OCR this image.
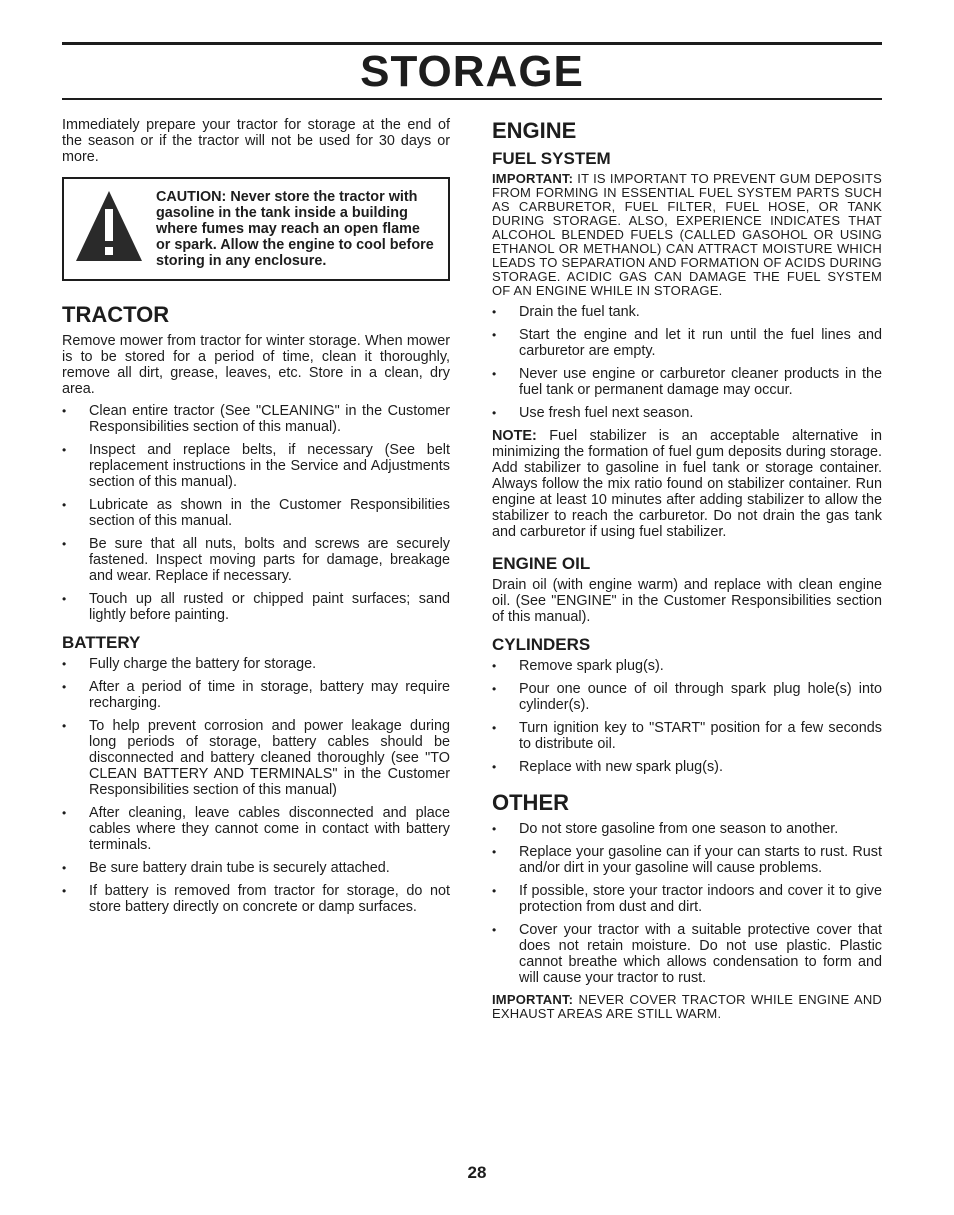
STORAGE

Immediately prepare your tractor for storage at the end of the season or if the tractor will not be used for 30 days or more.

CAUTION: Never store the tractor with gasoline in the tank inside a building where fumes may reach an open flame or spark. Allow the engine to cool before storing in any enclosure.
TRACTOR

Remove mower from tractor for winter storage. When mower is to be stored for a period of time, clean it thoroughly, remove all dirt, grease, leaves, etc. Store in a clean, dry area.

• Clean entire tractor (See "CLEANING" in the Customer Responsibilities section of this manual).
• Inspect and replace belts, if necessary (See belt replacement instructions in the Service and Adjustments section of this manual).
• Lubricate as shown in the Customer Responsibilities section of this manual.
• Be sure that all nuts, bolts and screws are securely fastened. Inspect moving parts for damage, breakage and wear. Replace if necessary.
• Touch up all rusted or chipped paint surfaces; sand lightly before painting.
BATTERY
• Fully charge the battery for storage.
• After a period of time in storage, battery may require recharging.
• To help prevent corrosion and power leakage during long periods of storage, battery cables should be disconnected and battery cleaned thoroughly (see "TO CLEAN BATTERY AND TERMINALS" in the Customer Responsibilities section of this manual)
• After cleaning, leave cables disconnected and place cables where they cannot come in contact with battery terminals.
• Be sure battery drain tube is securely attached.
• If battery is removed from tractor for storage, do not store battery directly on concrete or damp surfaces.
ENGINE
FUEL SYSTEM

IMPORTANT: IT IS IMPORTANT TO PREVENT GUM DEPOSITS FROM FORMING IN ESSENTIAL FUEL SYSTEM PARTS SUCH AS CARBURETOR, FUEL FILTER, FUEL HOSE, OR TANK DURING STORAGE. ALSO, EXPERIENCE INDICATES THAT ALCOHOL BLENDED FUELS (CALLED GASOHOL OR USING ETHANOL OR METHANOL) CAN ATTRACT MOISTURE WHICH LEADS TO SEPARATION AND FORMATION OF ACIDS DURING STORAGE. ACIDIC GAS CAN DAMAGE THE FUEL SYSTEM OF AN ENGINE WHILE IN STORAGE.

• Drain the fuel tank.
• Start the engine and let it run until the fuel lines and carburetor are empty.
• Never use engine or carburetor cleaner products in the fuel tank or permanent damage may occur.
• Use fresh fuel next season.

NOTE: Fuel stabilizer is an acceptable alternative in minimizing the formation of fuel gum deposits during storage. Add stabilizer to gasoline in fuel tank or storage container. Always follow the mix ratio found on stabilizer container. Run engine at least 10 minutes after adding stabilizer to allow the stabilizer to reach the carburetor. Do not drain the gas tank and carburetor if using fuel stabilizer.

ENGINE OIL

Drain oil (with engine warm) and replace with clean engine oil. (See "ENGINE" in the Customer Responsibilities section of this manual).

CYLINDERS
• Remove spark plug(s).
• Pour one ounce of oil through spark plug hole(s) into cylinder(s).
• Turn ignition key to "START" position for a few seconds to distribute oil.
• Replace with new spark plug(s).
OTHER
• Do not store gasoline from one season to another.
• Replace your gasoline can if your can starts to rust. Rust and/or dirt in your gasoline will cause problems.
• If possible, store your tractor indoors and cover it to give protection from dust and dirt.
• Cover your tractor with a suitable protective cover that does not retain moisture. Do not use plastic. Plastic cannot breathe which allows condensation to form and will cause your tractor to rust.

IMPORTANT: NEVER COVER TRACTOR WHILE ENGINE AND EXHAUST AREAS ARE STILL WARM.

28
